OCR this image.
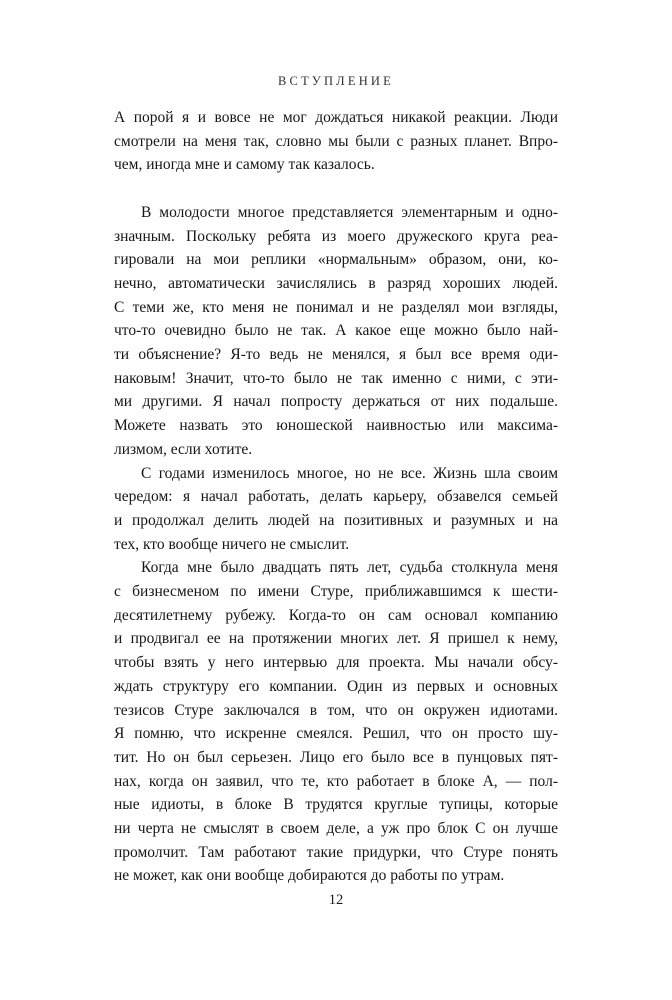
ВСТУПЛЕНИЕ
А порой я и вовсе не мог дождаться никакой реакции. Люди
смотрели на меня так, словно мы были с разных планет. Впро-
чем, иногда мне и самому так казалось.
В молодости многое представляется элементарным и одно-
значным. Поскольку ребята из моего дружеского круга реа-
гировали на мои реплики «нормальным» образом, они, ко-
нечно, автоматически зачислялись в разряд хороших людей.
С теми же, кто меня не понимал и не разделял мои взгляды,
что-то очевидно было не так. А какое еще можно было най-
ти объяснение? Я-то ведь не менялся, я был все время оди-
наковым! Значит, что-то было не так именно с ними, с эти-
ми другими. Я начал попросту держаться от них подальше.
Можете назвать это юношеской наивностью или максима-
лизмом, если хотите.
С годами изменилось многое, но не все. Жизнь шла своим
чередом: я начал работать, делать карьеру, обзавелся семьей
и продолжал делить людей на позитивных и разумных и на
тех, кто вообще ничего не смыслит.
Когда мне было двадцать пять лет, судьба столкнула меня
с бизнесменом по имени Стуре, приближавшимся к шести-
десятилетнему рубежу. Когда-то он сам основал компанию
и продвигал ее на протяжении многих лет. Я пришел к нему,
чтобы взять у него интервью для проекта. Мы начали обсу-
ждать структуру его компании. Один из первых и основных
тезисов Стуре заключался в том, что он окружен идиотами.
Я помню, что искренне смеялся. Решил, что он просто шу-
тит. Но он был серьезен. Лицо его было все в пунцовых пят-
нах, когда он заявил, что те, кто работает в блоке А, — пол-
ные идиоты, в блоке В трудятся круглые тупицы, которые
ни черта не смыслят в своем деле, а уж про блок С он лучше
промолчит. Там работают такие придурки, что Стуре понять
не может, как они вообще добираются до работы по утрам.
12
